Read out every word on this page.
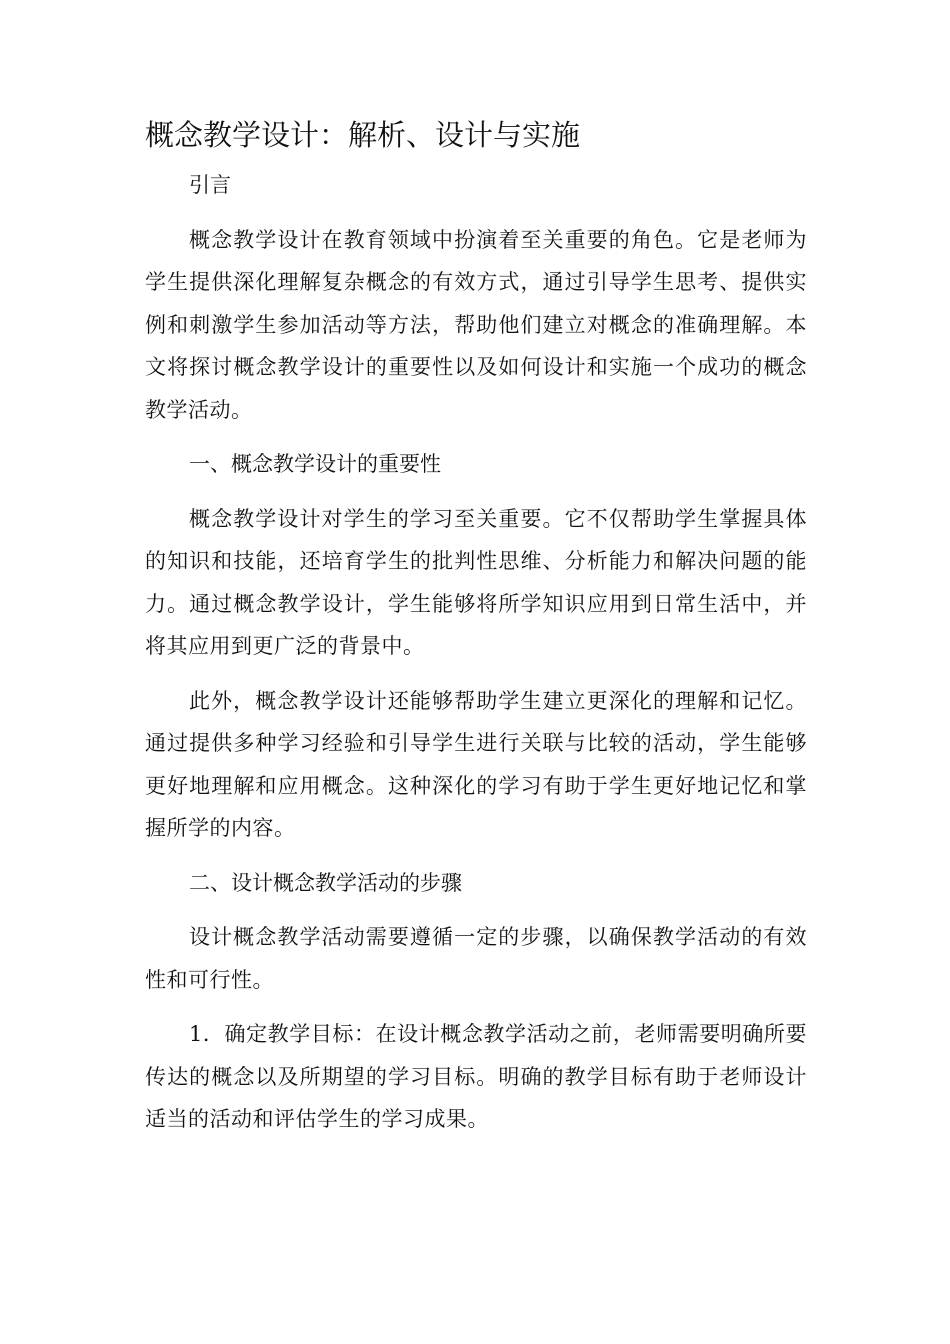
概念教学设计：解析、设计与实施

引言

概念教学设计在教育领域中扮演着至关重要的角色。它是老师为学生提供深化理解复杂概念的有效方式，通过引导学生思考、提供实例和刺激学生参加活动等方法，帮助他们建立对概念的准确理解。本文将探讨概念教学设计的重要性以及如何设计和实施一个成功的概念教学活动。

一、概念教学设计的重要性

概念教学设计对学生的学习至关重要。它不仅帮助学生掌握具体的知识和技能，还培育学生的批判性思维、分析能力和解决问题的能力。通过概念教学设计，学生能够将所学知识应用到日常生活中，并将其应用到更广泛的背景中。

此外，概念教学设计还能够帮助学生建立更深化的理解和记忆。通过提供多种学习经验和引导学生进行关联与比较的活动，学生能够更好地理解和应用概念。这种深化的学习有助于学生更好地记忆和掌握所学的内容。

二、设计概念教学活动的步骤

设计概念教学活动需要遵循一定的步骤，以确保教学活动的有效性和可行性。

1．确定教学目标：在设计概念教学活动之前，老师需要明确所要传达的概念以及所期望的学习目标。明确的教学目标有助于老师设计适当的活动和评估学生的学习成果。
